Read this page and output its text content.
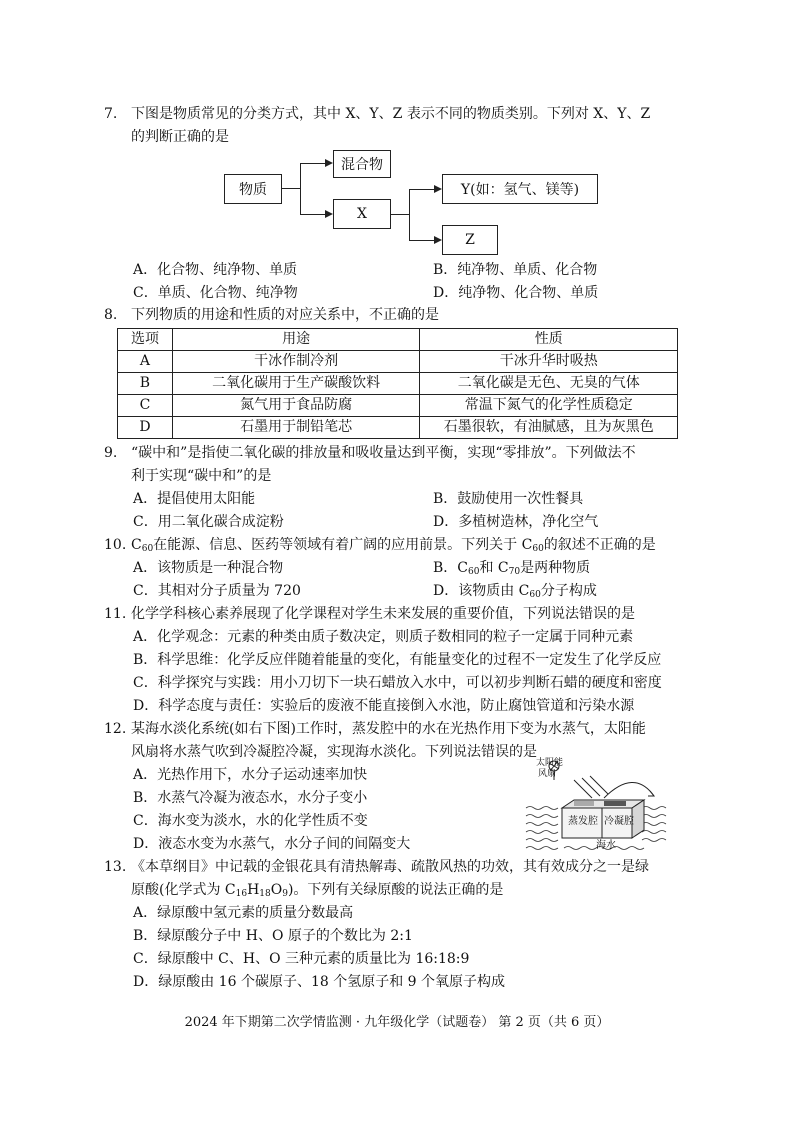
7. 下图是物质常见的分类方式，其中 X、Y、Z 表示不同的物质类别。下列对 X、Y、Z
的判断正确的是
物质
混合物
X
Y(如：氢气、镁等)
Z
A．化合物、纯净物、单质	B．纯净物、单质、化合物
C．单质、化合物、纯净物	D．纯净物、化合物、单质
8. 下列物质的用途和性质的对应关系中，不正确的是
选项	用途	性质
A	干冰作制冷剂	干冰升华时吸热
B	二氧化碳用于生产碳酸饮料	二氧化碳是无色、无臭的气体
C	氮气用于食品防腐	常温下氮气的化学性质稳定
D	石墨用于制铅笔芯	石墨很软，有油腻感，且为灰黑色
9. “碳中和”是指使二氧化碳的排放量和吸收量达到平衡，实现“零排放”。下列做法不
利于实现“碳中和”的是
A．提倡使用太阳能	B．鼓励使用一次性餐具
C．用二氧化碳合成淀粉	D．多植树造林，净化空气
10. $C_{60}$在能源、信息、医药等领域有着广阔的应用前景。下列关于 $C_{60}$的叙述不正确的是
A．该物质是一种混合物	B．$C_{60}$和 $C_{70}$是两种物质
C．其相对分子质量为 720	D．该物质由 $C_{60}$分子构成
11. 化学学科核心素养展现了化学课程对学生未来发展的重要价值，下列说法错误的是
A．化学观念：元素的种类由质子数决定，则质子数相同的粒子一定属于同种元素
B．科学思维：化学反应伴随着能量的变化，有能量变化的过程不一定发生了化学反应
C．科学探究与实践：用小刀切下一块石蜡放入水中，可以初步判断石蜡的硬度和密度
D．科学态度与责任：实验后的废液不能直接倒入水池，防止腐蚀管道和污染水源
12. 某海水淡化系统(如右下图)工作时，蒸发腔中的水在光热作用下变为水蒸气，太阳能
风扇将水蒸气吹到冷凝腔冷凝，实现海水淡化。下列说法错误的是
A．光热作用下，水分子运动速率加快
B．水蒸气冷凝为液态水，水分子变小
C．海水变为淡水，水的化学性质不变
D．液态水变为水蒸气，水分子间的间隔变大
太阳能
风扇
蒸发腔 冷凝腔
海水
13. 《本草纲目》中记载的金银花具有清热解毒、疏散风热的功效，其有效成分之一是绿
原酸(化学式为 $C_{16}H_{18}O_9$)。下列有关绿原酸的说法正确的是
A．绿原酸中氢元素的质量分数最高
B．绿原酸分子中 H、O 原子的个数比为 2:1
C．绿原酸中 C、H、O 三种元素的质量比为 16:18:9
D．绿原酸由 16 个碳原子、18 个氢原子和 9 个氧原子构成
2024 年下期第二次学情监测 · 九年级化学（试题卷） 第 2 页（共 6 页）
